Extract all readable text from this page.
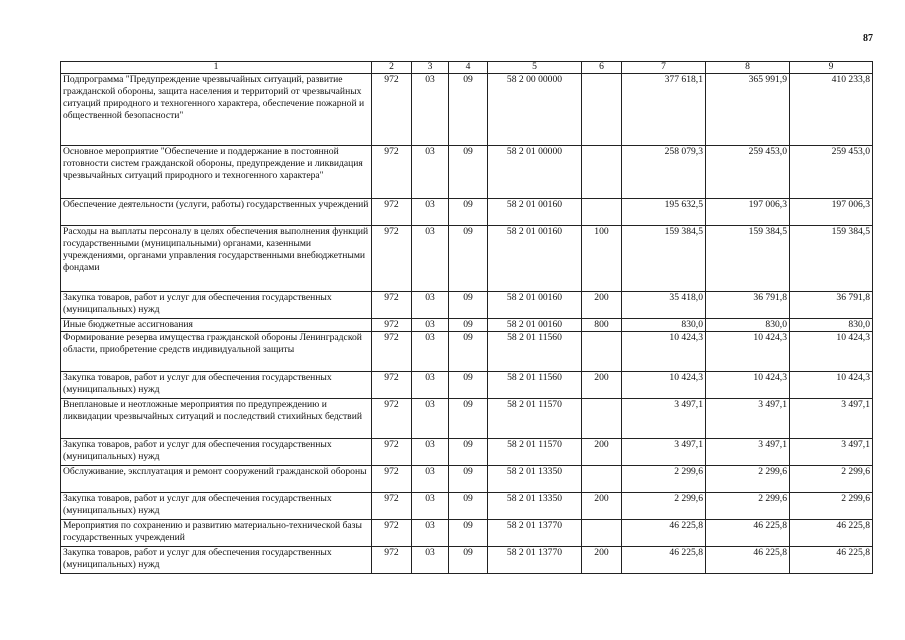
87
1	2	3	4	5	6	7	8	9
Подпрограмма "Предупреждение чрезвычайных ситуаций, развитие гражданской обороны, защита населения и территорий от чрезвычайных ситуаций природного и техногенного характера, обеспечение пожарной и общественной безопасности"	972	03	09	58 2 00 00000		377 618,1	365 991,9	410 233,8
Основное мероприятие "Обеспечение и поддержание в постоянной готовности систем гражданской обороны, предупреждение и ликвидация чрезвычайных ситуаций природного и техногенного характера"	972	03	09	58 2 01 00000		258 079,3	259 453,0	259 453,0
Обеспечение деятельности (услуги, работы) государственных учреждений	972	03	09	58 2 01 00160		195 632,5	197 006,3	197 006,3
Расходы на выплаты персоналу в целях обеспечения выполнения функций государственными (муниципальными) органами, казенными учреждениями, органами управления государственными внебюджетными фондами	972	03	09	58 2 01 00160	100	159 384,5	159 384,5	159 384,5
Закупка товаров, работ и услуг для обеспечения государственных (муниципальных) нужд	972	03	09	58 2 01 00160	200	35 418,0	36 791,8	36 791,8
Иные бюджетные ассигнования	972	03	09	58 2 01 00160	800	830,0	830,0	830,0
Формирование резерва имущества гражданской обороны Ленинградской области, приобретение средств индивидуальной защиты	972	03	09	58 2 01 11560		10 424,3	10 424,3	10 424,3
Закупка товаров, работ и услуг для обеспечения государственных (муниципальных) нужд	972	03	09	58 2 01 11560	200	10 424,3	10 424,3	10 424,3
Внеплановые и неотложные мероприятия по предупреждению и ликвидации чрезвычайных ситуаций и последствий стихийных бедствий	972	03	09	58 2 01 11570		3 497,1	3 497,1	3 497,1
Закупка товаров, работ и услуг для обеспечения государственных (муниципальных) нужд	972	03	09	58 2 01 11570	200	3 497,1	3 497,1	3 497,1
Обслуживание, эксплуатация и ремонт сооружений гражданской обороны	972	03	09	58 2 01 13350		2 299,6	2 299,6	2 299,6
Закупка товаров, работ и услуг для обеспечения государственных (муниципальных) нужд	972	03	09	58 2 01 13350	200	2 299,6	2 299,6	2 299,6
Мероприятия по сохранению и развитию материально-технической базы государственных учреждений	972	03	09	58 2 01 13770		46 225,8	46 225,8	46 225,8
Закупка товаров, работ и услуг для обеспечения государственных (муниципальных) нужд	972	03	09	58 2 01 13770	200	46 225,8	46 225,8	46 225,8
